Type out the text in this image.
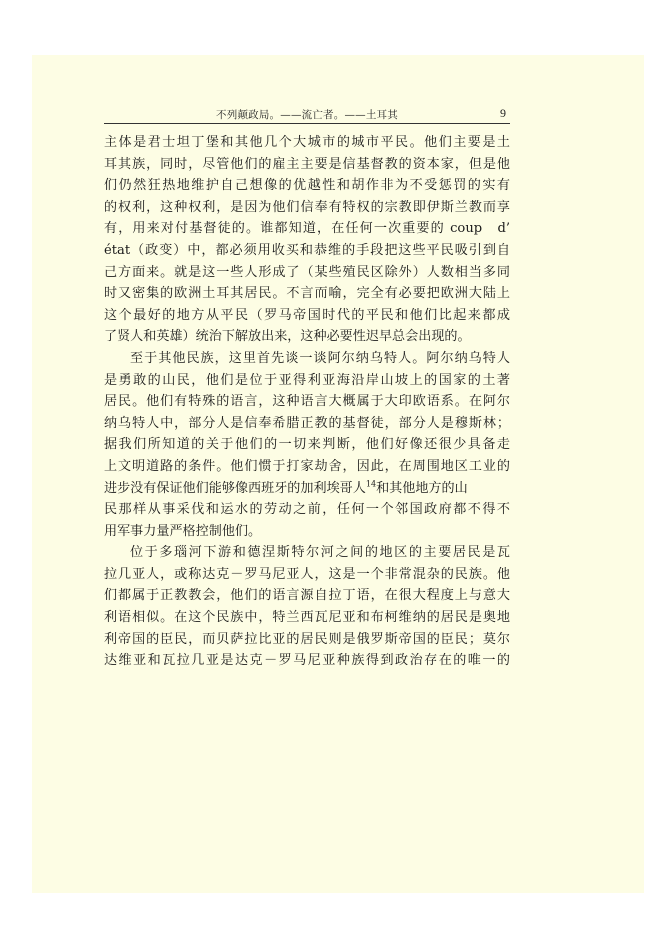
不列颠政局。——流亡者。——土耳其	9
主体是君士坦丁堡和其他几个大城市的城市平民。他们主要是土
耳其族，同时，尽管他们的雇主主要是信基督教的资本家，但是他
们仍然狂热地维护自己想像的优越性和胡作非为不受惩罚的实有
的权利，这种权利，是因为他们信奉有特权的宗教即伊斯兰教而享
有，用来对付基督徒的。谁都知道，在任何一次重要的 coup　d’
état（政变）中，都必须用收买和恭维的手段把这些平民吸引到自
己方面来。就是这一些人形成了（某些殖民区除外）人数相当多同
时又密集的欧洲土耳其居民。不言而喻，完全有必要把欧洲大陆上
这个最好的地方从平民（罗马帝国时代的平民和他们比起来都成
了贤人和英雄）统治下解放出来，这种必要性迟早总会出现的。
至于其他民族，这里首先谈一谈阿尔纳乌特人。阿尔纳乌特人
是勇敢的山民，他们是位于亚得利亚海沿岸山坡上的国家的土著
居民。他们有特殊的语言，这种语言大概属于大印欧语系。在阿尔
纳乌特人中，部分人是信奉希腊正教的基督徒，部分人是穆斯林；
据我们所知道的关于他们的一切来判断，他们好像还很少具备走
上文明道路的条件。他们惯于打家劫舍，因此，在周围地区工业的
进步没有保证他们能够像西班牙的加利埃哥人$^{14}$和其他地方的山
民那样从事采伐和运水的劳动之前，任何一个邻国政府都不得不
用军事力量严格控制他们。
位于多瑙河下游和德涅斯特尔河之间的地区的主要居民是瓦
拉几亚人，或称达克－罗马尼亚人，这是一个非常混杂的民族。他
们都属于正教教会，他们的语言源自拉丁语，在很大程度上与意大
利语相似。在这个民族中，特兰西瓦尼亚和布柯维纳的居民是奥地
利帝国的臣民，而贝萨拉比亚的居民则是俄罗斯帝国的臣民；莫尔
达维亚和瓦拉几亚是达克－罗马尼亚种族得到政治存在的唯一的
